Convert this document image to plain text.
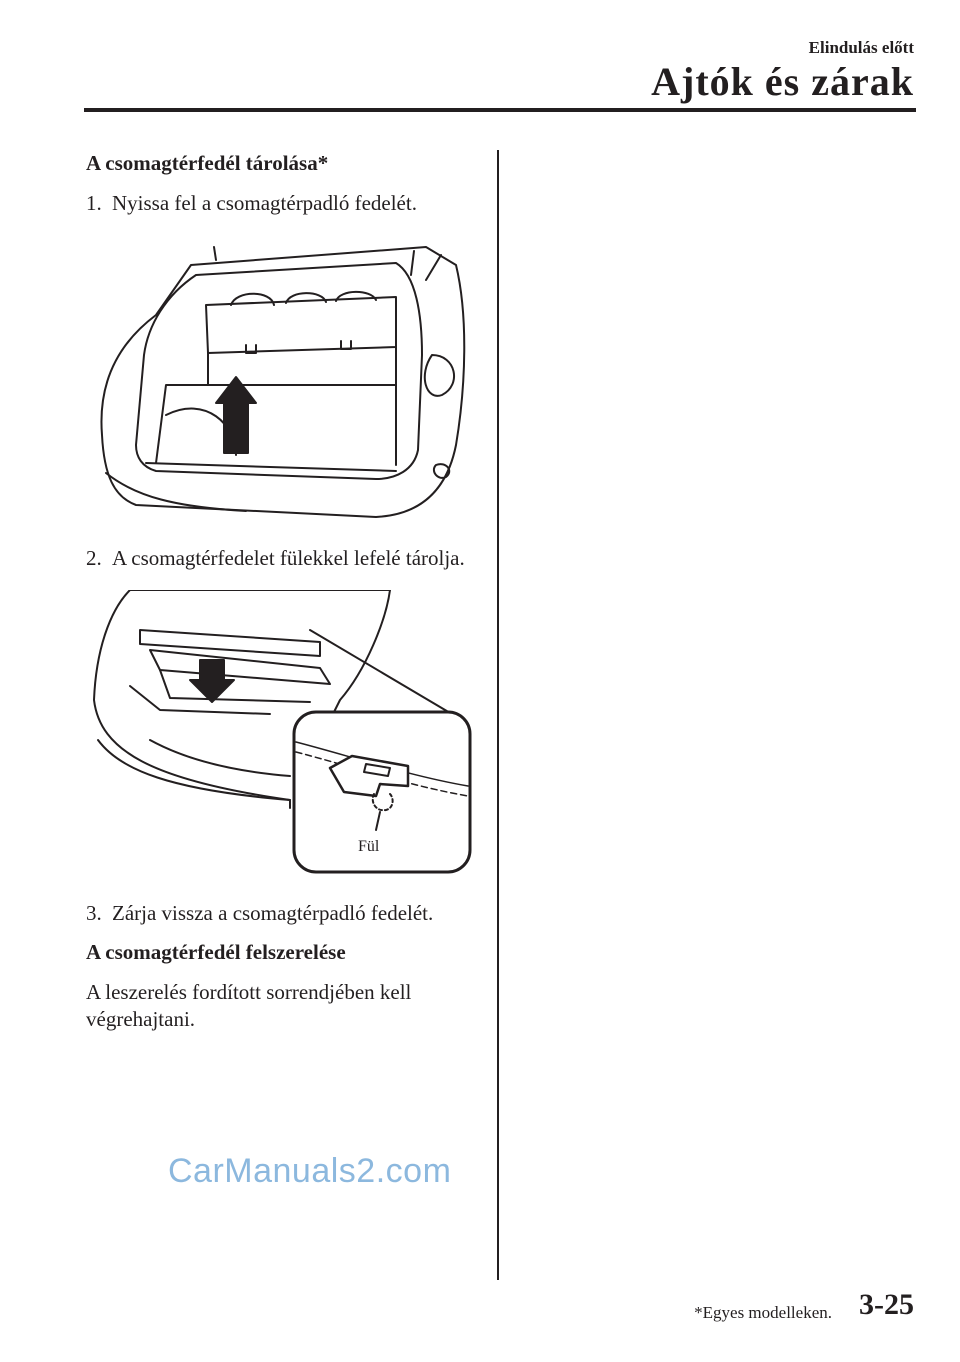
Elindulás előtt
Ajtók és zárak
A csomagtérfedél tárolása*
1. Nyissa fel a csomagtérpadló fedelét.
2. A csomagtérfedelet fülekkel lefelé tárolja.
Fül
3. Zárja vissza a csomagtérpadló fedelét.
A csomagtérfedél felszerelése

A leszerelés fordított sorrendjében kell végrehajtani.

CarManuals2.com
*Egyes modelleken. 3-25
